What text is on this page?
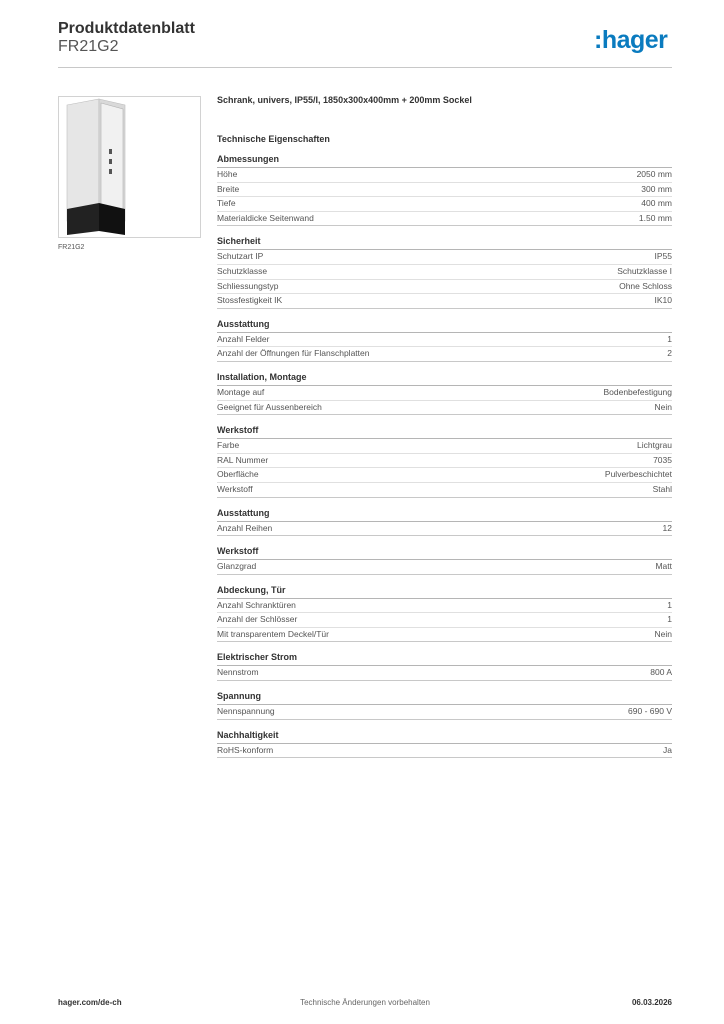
Produktdatenblatt
FR21G2	:hager
FR21G2
Schrank, univers, IP55/I, 1850x300x400mm + 200mm Sockel
Technische Eigenschaften
Abmessungen
Höhe	2050 mm
Breite	300 mm
Tiefe	400 mm
Materialdicke Seitenwand	1.50 mm
Sicherheit
Schutzart IP	IP55
Schutzklasse	Schutzklasse I
Schliessungstyp	Ohne Schloss
Stossfestigkeit IK	IK10
Ausstattung
Anzahl Felder	1
Anzahl der Öffnungen für Flanschplatten	2
Installation, Montage
Montage auf	Bodenbefestigung
Geeignet für Aussenbereich	Nein
Werkstoff
Farbe	Lichtgrau
RAL Nummer	7035
Oberfläche	Pulverbeschichtet
Werkstoff	Stahl
Ausstattung
Anzahl Reihen	12
Werkstoff
Glanzgrad	Matt
Abdeckung, Tür
Anzahl Schranktüren	1
Anzahl der Schlösser	1
Mit transparentem Deckel/Tür	Nein
Elektrischer Strom
Nennstrom	800 A
Spannung
Nennspannung	690 - 690 V
Nachhaltigkeit
RoHS-konform	Ja
hager.com/de-ch	Technische Änderungen vorbehalten	06.03.2026
